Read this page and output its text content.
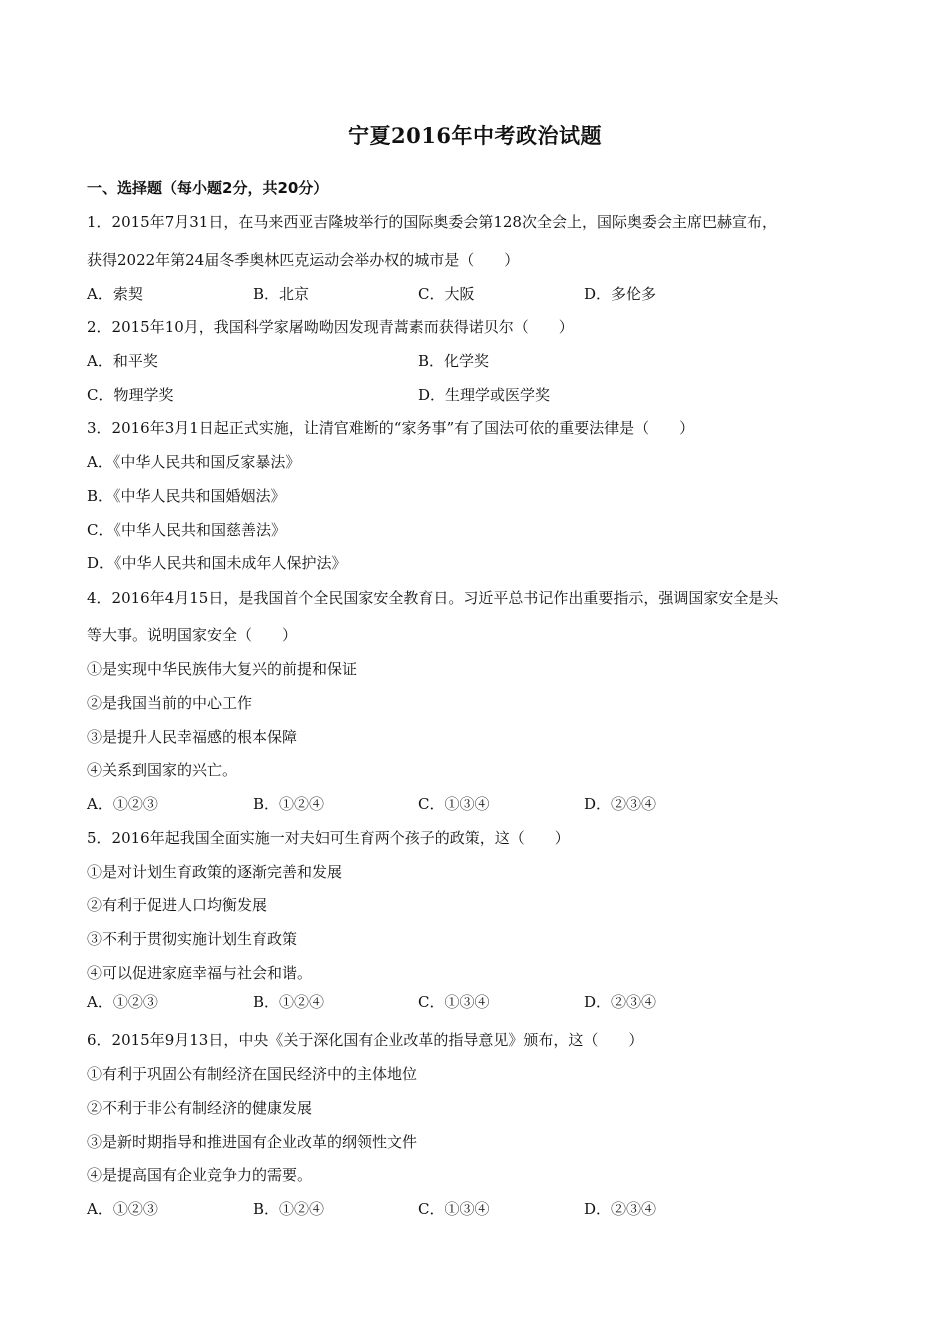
宁夏2016年中考政治试题
一、选择题（每小题2分，共20分）
1．2015年7月31日，在马来西亚吉隆坡举行的国际奥委会第128次全会上，国际奥委会主席巴赫宣布，
获得2022年第24届冬季奥林匹克运动会举办权的城市是（　　）
A．索契	B．北京	C．大阪	D．多伦多
2．2015年10月，我国科学家屠呦呦因发现青蒿素而获得诺贝尔（　　）
A．和平奖	B．化学奖
C．物理学奖	D．生理学或医学奖
3．2016年3月1日起正式实施，让清官难断的“家务事”有了国法可依的重要法律是（　　）
A．《中华人民共和国反家暴法》
B．《中华人民共和国婚姻法》
C．《中华人民共和国慈善法》
D．《中华人民共和国未成年人保护法》
4．2016年4月15日，是我国首个全民国家安全教育日。习近平总书记作出重要指示，强调国家安全是头
等大事。说明国家安全（　　）
①是实现中华民族伟大复兴的前提和保证
②是我国当前的中心工作
③是提升人民幸福感的根本保障
④关系到国家的兴亡。
A．①②③	B．①②④	C．①③④	D．②③④
5．2016年起我国全面实施一对夫妇可生育两个孩子的政策，这（　　）
①是对计划生育政策的逐渐完善和发展
②有利于促进人口均衡发展
③不利于贯彻实施计划生育政策
④可以促进家庭幸福与社会和谐。
A．①②③	B．①②④	C．①③④	D．②③④
6．2015年9月13日，中央《关于深化国有企业改革的指导意见》颁布，这（　　）
①有利于巩固公有制经济在国民经济中的主体地位
②不利于非公有制经济的健康发展
③是新时期指导和推进国有企业改革的纲领性文件
④是提高国有企业竞争力的需要。
A．①②③	B．①②④	C．①③④	D．②③④
